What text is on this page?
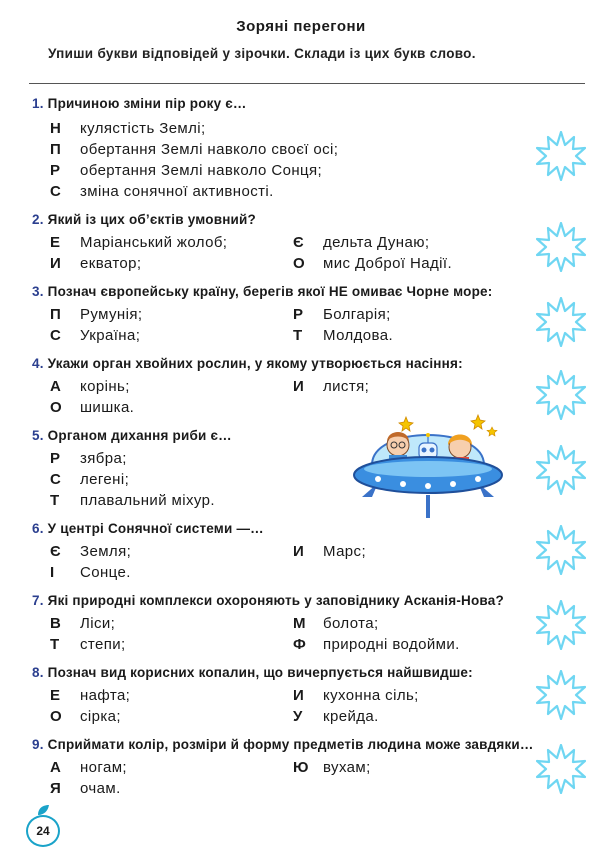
Зоряні перегони
Упиши букви відповідей у зірочки. Склади із цих букв слово.
1. Причиною зміни пір року є…
Н кулястість Землі;
П обертання Землі навколо своєї осі;
Р обертання Землі навколо Сонця;
С зміна сонячної активності.
2. Який із цих об’єктів умовний?
Е Маріанський жолоб;	Є дельта Дунаю;
И екватор;	О мис Доброї Надії.
3. Познач європейську країну, берегів якої НЕ омиває Чорне море:
П Румунія;	Р Болгарія;
С Україна;	Т Молдова.
4. Укажи орган хвойних рослин, у якому утворюється насіння:
А корінь;	И листя;
О шишка.
5. Органом дихання риби є…
Р зябра;
С легені;
Т плавальний міхур.
6. У центрі Сонячної системи —…
Є Земля;	И Марс;
І Сонце.
7. Які природні комплекси охороняють у заповіднику Асканія-Нова?
В Ліси;	М болота;
Т степи;	Ф природні водойми.
8. Познач вид корисних копалин, що вичерпується найшвидше:
Е нафта;	И кухонна сіль;
О сірка;	У крейда.
9. Сприймати колір, розміри й форму предметів людина може завдяки…
А ногам;	Ю вухам;
Я очам.
24
